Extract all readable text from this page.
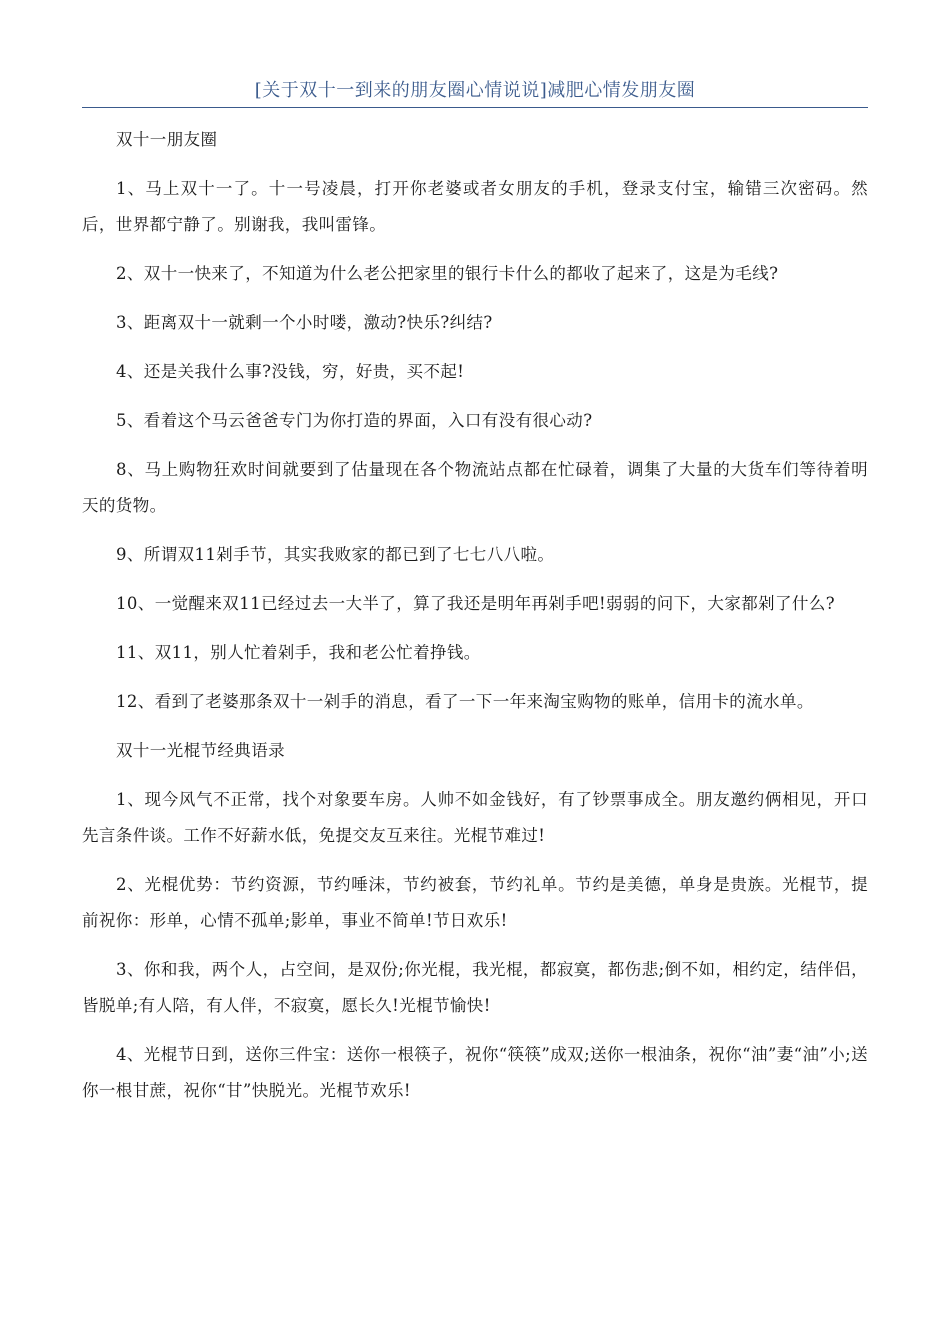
[关于双十一到来的朋友圈心情说说]减肥心情发朋友圈

双十一朋友圈

1、马上双十一了。十一号凌晨，打开你老婆或者女朋友的手机，登录支付宝，输错三次密码。然后，世界都宁静了。别谢我，我叫雷锋。

2、双十一快来了，不知道为什么老公把家里的银行卡什么的都收了起来了，这是为毛线?

3、距离双十一就剩一个小时喽，激动?快乐?纠结?

4、还是关我什么事?没钱，穷，好贵，买不起!

5、看着这个马云爸爸专门为你打造的界面，入口有没有很心动?

8、马上购物狂欢时间就要到了估量现在各个物流站点都在忙碌着，调集了大量的大货车们等待着明天的货物。

9、所谓双11剁手节，其实我败家的都已到了七七八八啦。

10、一觉醒来双11已经过去一大半了，算了我还是明年再剁手吧!弱弱的问下，大家都剁了什么?

11、双11，别人忙着剁手，我和老公忙着挣钱。

12、看到了老婆那条双十一剁手的消息，看了一下一年来淘宝购物的账单，信用卡的流水单。

双十一光棍节经典语录

1、现今风气不正常，找个对象要车房。人帅不如金钱好，有了钞票事成全。朋友邀约俩相见，开口先言条件谈。工作不好薪水低，免提交友互来往。光棍节难过!

2、光棍优势：节约资源，节约唾沫，节约被套，节约礼单。节约是美德，单身是贵族。光棍节，提前祝你：形单，心情不孤单;影单，事业不简单!节日欢乐!

3、你和我，两个人，占空间，是双份;你光棍，我光棍，都寂寞，都伤悲;倒不如，相约定，结伴侣，皆脱单;有人陪，有人伴，不寂寞，愿长久!光棍节愉快!

4、光棍节日到，送你三件宝：送你一根筷子，祝你“筷筷”成双;送你一根油条，祝你“油”妻“油”小;送你一根甘蔗，祝你“甘”快脱光。光棍节欢乐!
